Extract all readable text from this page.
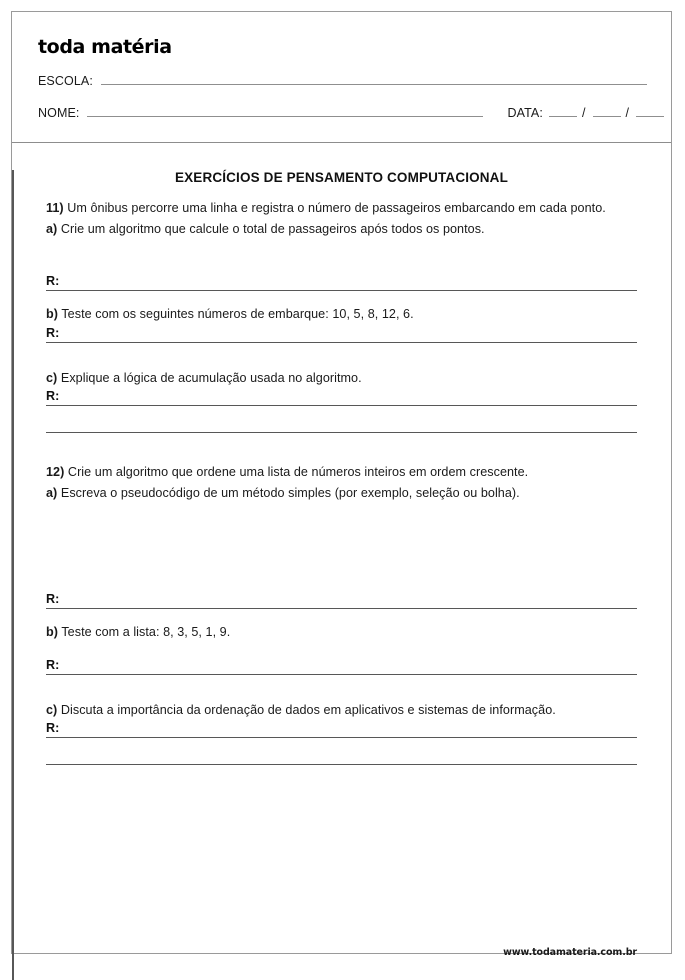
toda matéria
ESCOLA:
NOME:	DATA:	/	/
EXERCÍCIOS DE PENSAMENTO COMPUTACIONAL

11) Um ônibus percorre uma linha e registra o número de passageiros embarcando em cada ponto.

a) Crie um algoritmo que calcule o total de passageiros após todos os pontos.

R:

b) Teste com os seguintes números de embarque: 10, 5, 8, 12, 6.

R:

c) Explique a lógica de acumulação usada no algoritmo.

R:

12) Crie um algoritmo que ordene uma lista de números inteiros em ordem crescente.

a) Escreva o pseudocódigo de um método simples (por exemplo, seleção ou bolha).

R:

b) Teste com a lista: 8, 3, 5, 1, 9.

R:

c) Discuta a importância da ordenação de dados em aplicativos e sistemas de informação.

R:
www.todamateria.com.br
